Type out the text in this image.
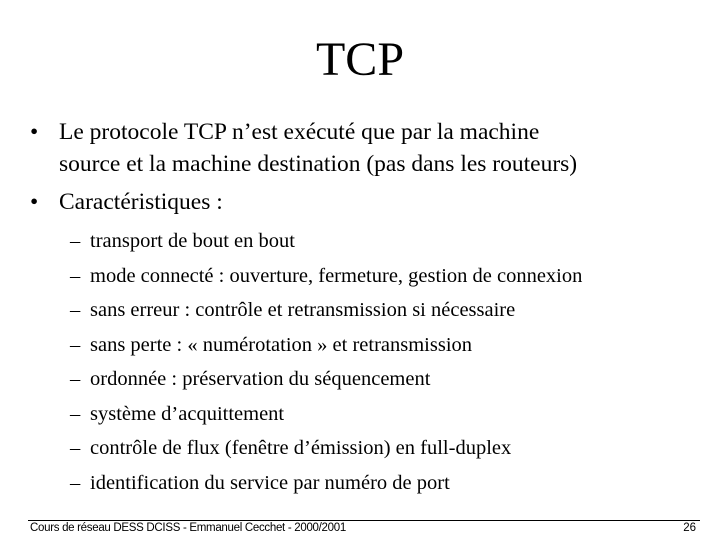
TCP
• Le protocole TCP n’est exécuté que par la machine
source et la machine destination (pas dans les routeurs)
• Caractéristiques :
– transport de bout en bout
– mode connecté : ouverture, fermeture, gestion de connexion
– sans erreur : contrôle et retransmission si nécessaire
– sans perte : « numérotation » et retransmission
– ordonnée : préservation du séquencement
– système d’acquittement
– contrôle de flux (fenêtre d’émission) en full-duplex
– identification du service par numéro de port
Cours de réseau DESS DCISS - Emmanuel Cecchet - 2000/2001	26
